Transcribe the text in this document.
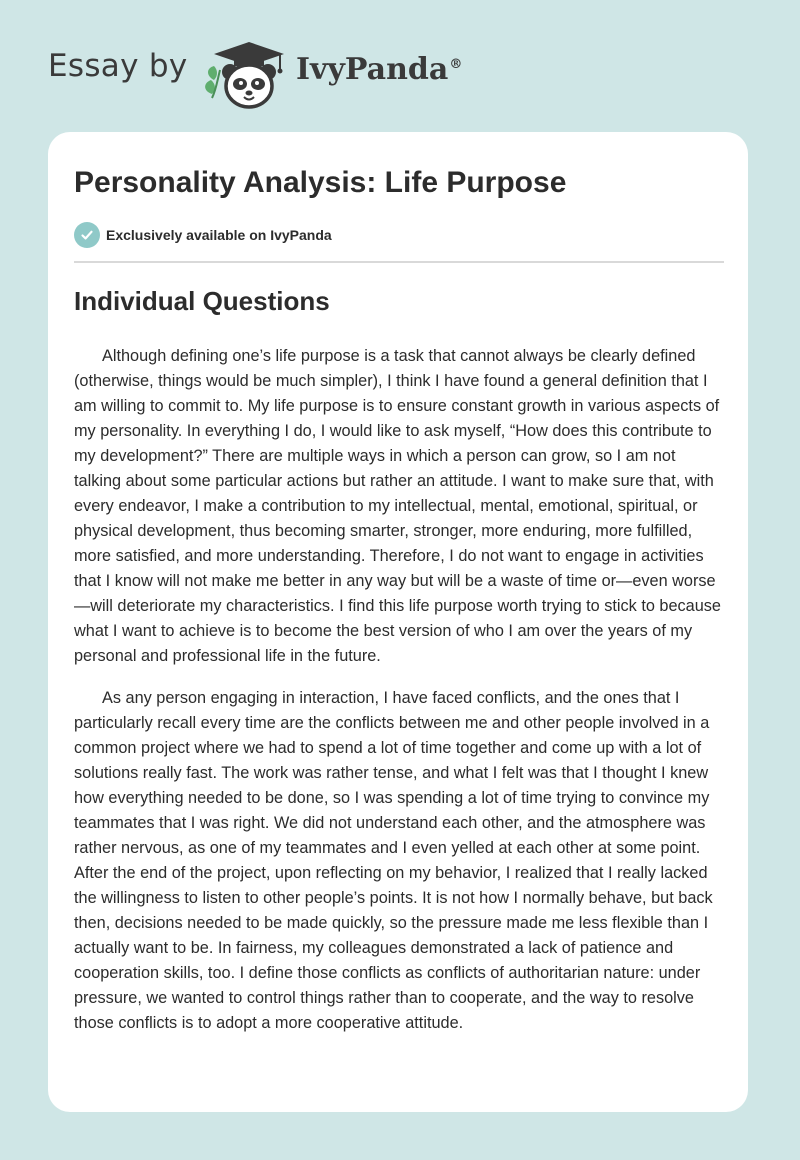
Essay by	IvyPanda®
Personality Analysis: Life Purpose
Exclusively available on IvyPanda
Individual Questions

Although defining one’s life purpose is a task that cannot always be clearly defined (otherwise, things would be much simpler), I think I have found a general definition that I am willing to commit to. My life purpose is to ensure constant growth in various aspects of my personality. In everything I do, I would like to ask myself, “How does this contribute to my development?” There are multiple ways in which a person can grow, so I am not talking about some particular actions but rather an attitude. I want to make sure that, with every endeavor, I make a contribution to my intellectual, mental, emotional, spiritual, or physical development, thus becoming smarter, stronger, more enduring, more fulfilled, more satisfied, and more understanding. Therefore, I do not want to engage in activities that I know will not make me better in any way but will be a waste of time or—even worse—will deteriorate my characteristics. I find this life purpose worth trying to stick to because what I want to achieve is to become the best version of who I am over the years of my personal and professional life in the future.

As any person engaging in interaction, I have faced conflicts, and the ones that I particularly recall every time are the conflicts between me and other people involved in a common project where we had to spend a lot of time together and come up with a lot of solutions really fast. The work was rather tense, and what I felt was that I thought I knew how everything needed to be done, so I was spending a lot of time trying to convince my teammates that I was right. We did not understand each other, and the atmosphere was rather nervous, as one of my teammates and I even yelled at each other at some point. After the end of the project, upon reflecting on my behavior, I realized that I really lacked the willingness to listen to other people’s points. It is not how I normally behave, but back then, decisions needed to be made quickly, so the pressure made me less flexible than I actually want to be. In fairness, my colleagues demonstrated a lack of patience and cooperation skills, too. I define those conflicts as conflicts of authoritarian nature: under pressure, we wanted to control things rather than to cooperate, and the way to resolve those conflicts is to adopt a more cooperative attitude.
